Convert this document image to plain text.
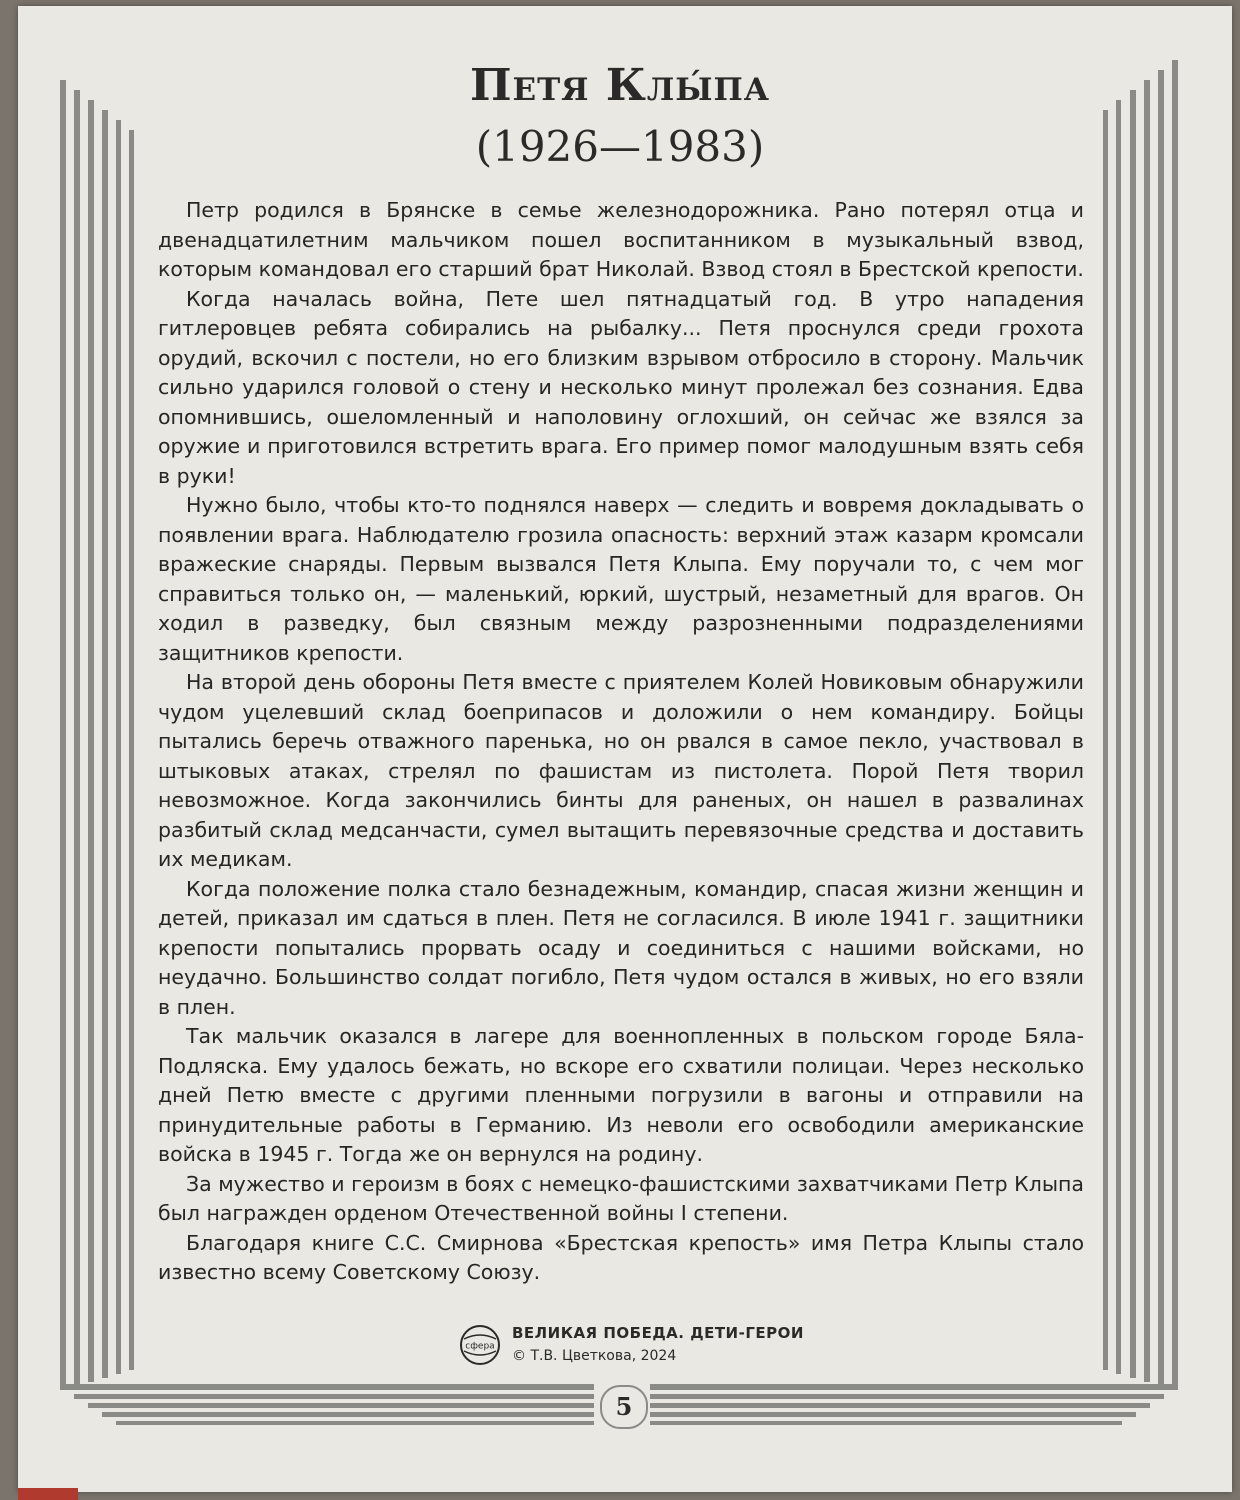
Петя Клы́па
(1926—1983)

Петр родился в Брянске в семье железнодорожника. Рано потерял отца и двенадцатилетним мальчиком пошел воспитанником в музыкальный взвод, которым командовал его старший брат Николай. Взвод стоял в Брестской крепости.

Когда началась война, Пете шел пятнадцатый год. В утро нападения гитлеровцев ребята собирались на рыбалку... Петя проснулся среди грохота орудий, вскочил с постели, но его близким взрывом отбросило в сторону. Мальчик сильно ударился головой о стену и несколько минут пролежал без сознания. Едва опомнившись, ошеломленный и наполовину оглохший, он сейчас же взялся за оружие и приготовился встретить врага. Его пример помог малодушным взять себя в руки!

Нужно было, чтобы кто-то поднялся наверх — следить и вовремя докладывать о появлении врага. Наблюдателю грозила опасность: верхний этаж казарм кромсали вражеские снаряды. Первым вызвался Петя Клыпа. Ему поручали то, с чем мог справиться только он, — маленький, юркий, шустрый, незаметный для врагов. Он ходил в разведку, был связным между разрозненными подразделениями защитников крепости.

На второй день обороны Петя вместе с приятелем Колей Новиковым обнаружили чудом уцелевший склад боеприпасов и доложили о нем командиру. Бойцы пытались беречь отважного паренька, но он рвался в самое пекло, участвовал в штыковых атаках, стрелял по фашистам из пистолета. Порой Петя творил невозможное. Когда закончились бинты для раненых, он нашел в развалинах разбитый склад медсанчасти, сумел вытащить перевязочные средства и доставить их медикам.

Когда положение полка стало безнадежным, командир, спасая жизни женщин и детей, приказал им сдаться в плен. Петя не согласился. В июле 1941 г. защитники крепости попытались прорвать осаду и соединиться с нашими войсками, но неудачно. Большинство солдат погибло, Петя чудом остался в живых, но его взяли в плен.

Так мальчик оказался в лагере для военнопленных в польском городе Бяла-Подляска. Ему удалось бежать, но вскоре его схватили полицаи. Через несколько дней Петю вместе с другими пленными погрузили в вагоны и отправили на принудительные работы в Германию. Из неволи его освободили американские войска в 1945 г. Тогда же он вернулся на родину.

За мужество и героизм в боях с немецко-фашистскими захватчиками Петр Клыпа был награжден орденом Отечественной войны I степени.

Благодаря книге С.С. Смирнова «Брестская крепость» имя Петра Клыпы стало известно всему Советскому Союзу.

сфера
ВЕЛИКАЯ ПОБЕДА. ДЕТИ-ГЕРОИ
© Т.В. Цветкова, 2024
5
